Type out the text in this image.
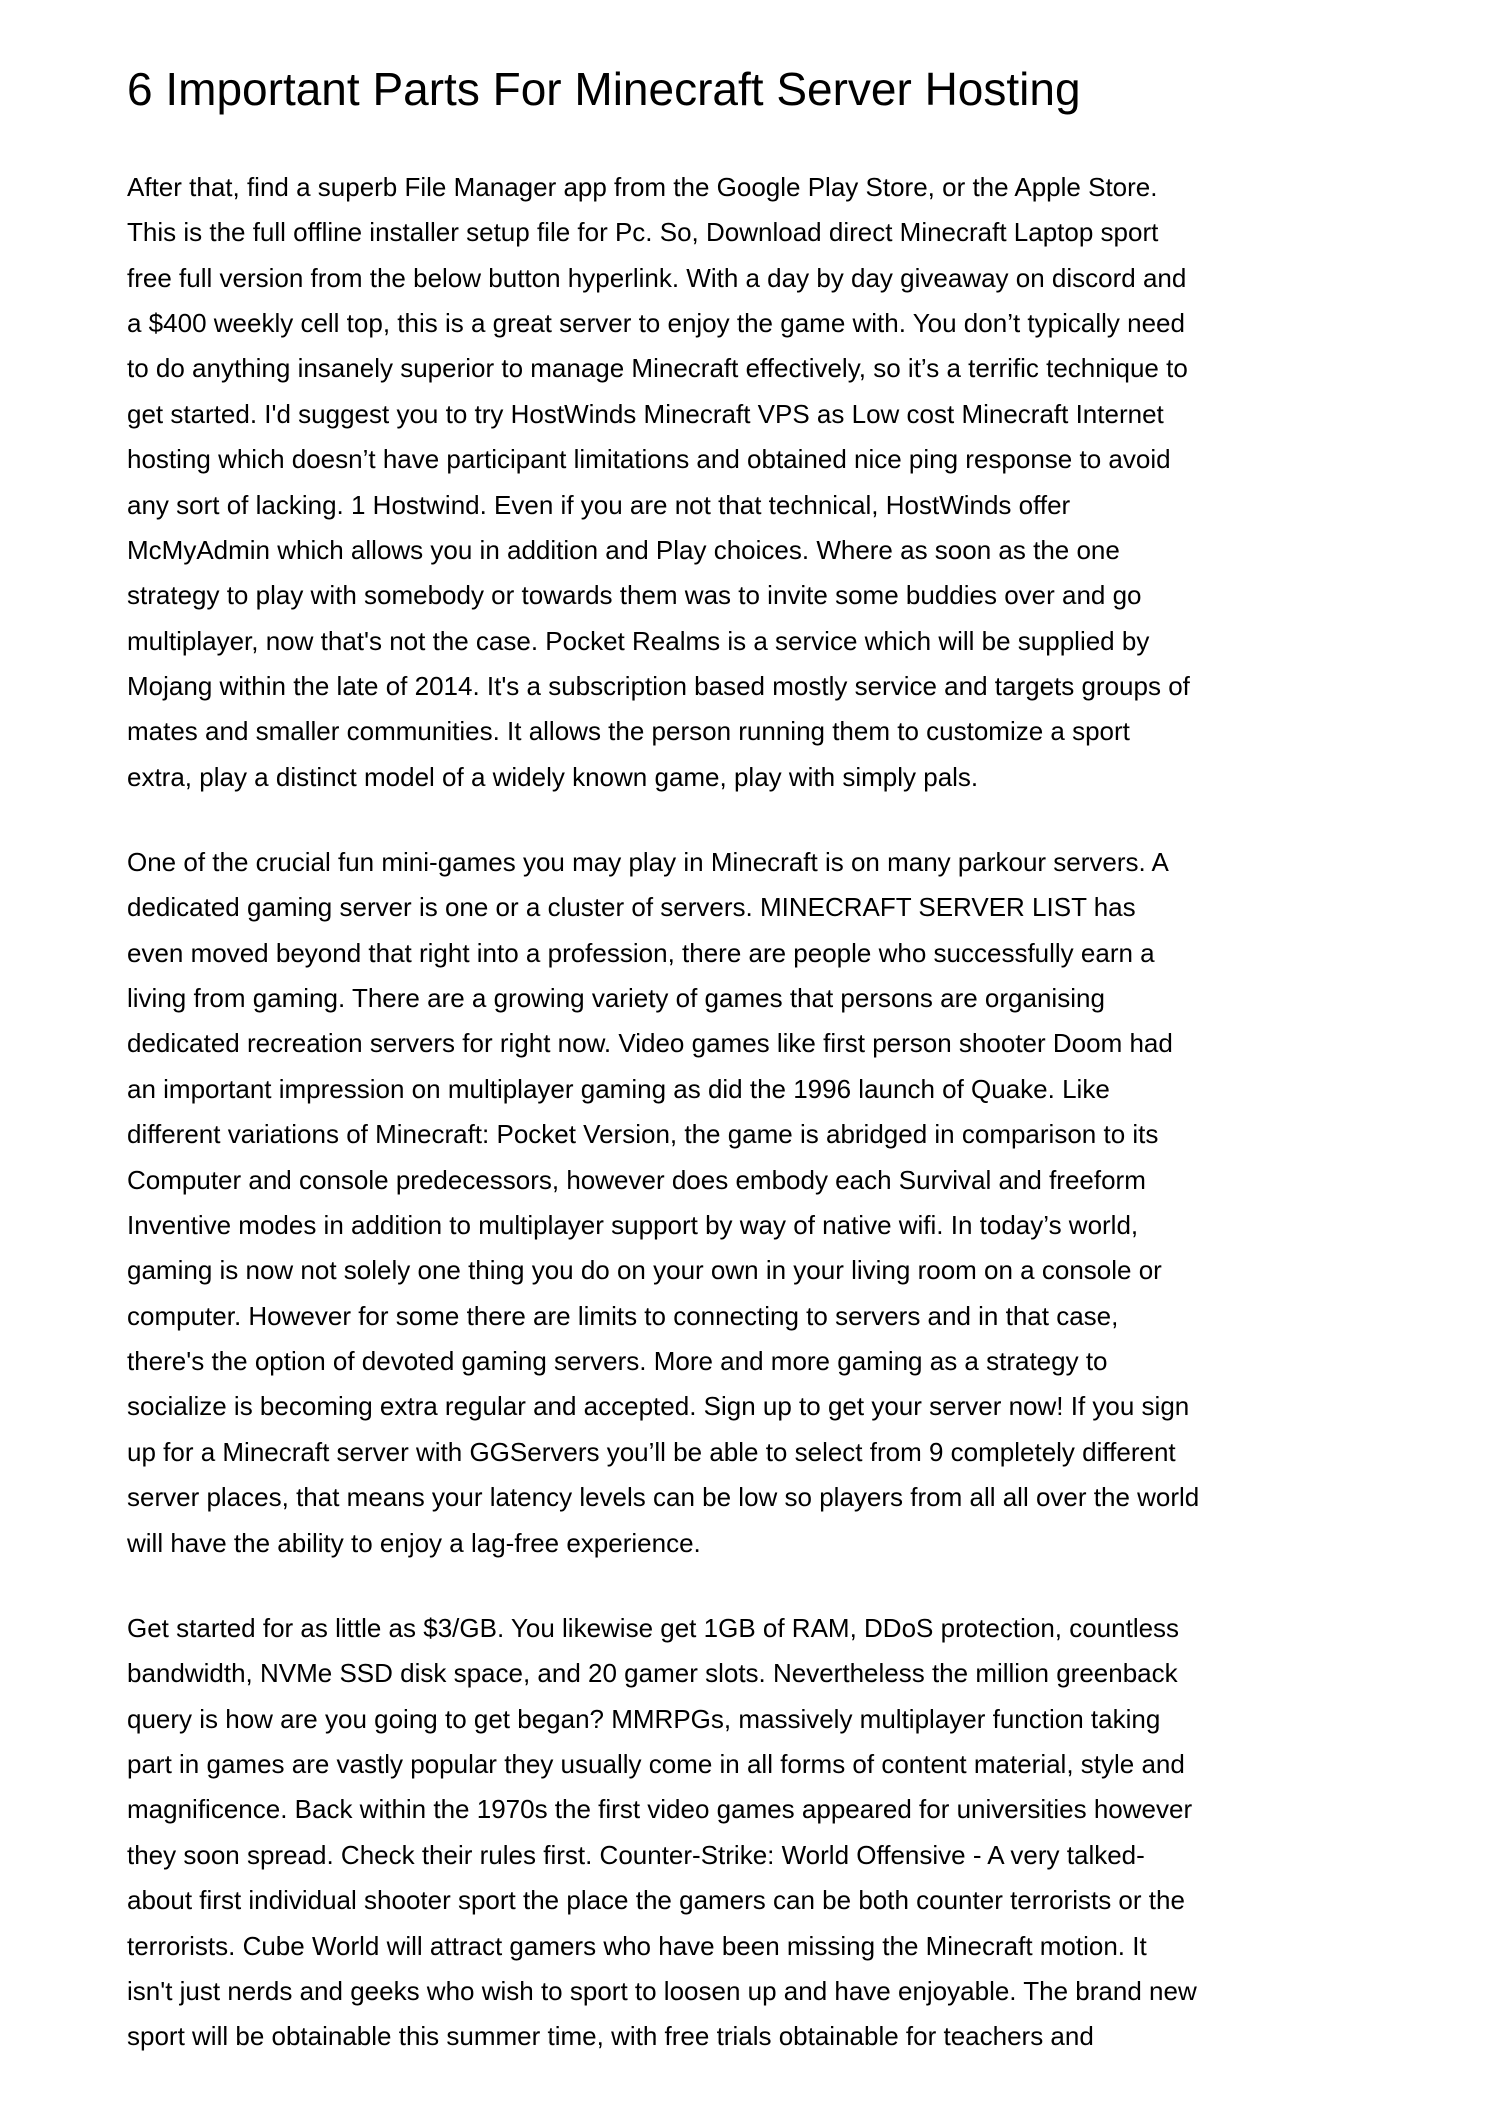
6 Important Parts For Minecraft Server Hosting

After that, find a superb File Manager app from the Google Play Store, or the Apple Store.
This is the full offline installer setup file for Pc. So, Download direct Minecraft Laptop sport
free full version from the below button hyperlink. With a day by day giveaway on discord and
a $400 weekly cell top, this is a great server to enjoy the game with. You don’t typically need
to do anything insanely superior to manage Minecraft effectively, so it’s a terrific technique to
get started. I'd suggest you to try HostWinds Minecraft VPS as Low cost Minecraft Internet
hosting which doesn’t have participant limitations and obtained nice ping response to avoid
any sort of lacking. 1 Hostwind. Even if you are not that technical, HostWinds offer
McMyAdmin which allows you in addition and Play choices. Where as soon as the one
strategy to play with somebody or towards them was to invite some buddies over and go
multiplayer, now that's not the case. Pocket Realms is a service which will be supplied by
Mojang within the late of 2014. It's a subscription based mostly service and targets groups of
mates and smaller communities. It allows the person running them to customize a sport
extra, play a distinct model of a widely known game, play with simply pals.

One of the crucial fun mini-games you may play in Minecraft is on many parkour servers. A
dedicated gaming server is one or a cluster of servers. MINECRAFT SERVER LIST has
even moved beyond that right into a profession, there are people who successfully earn a
living from gaming. There are a growing variety of games that persons are organising
dedicated recreation servers for right now. Video games like first person shooter Doom had
an important impression on multiplayer gaming as did the 1996 launch of Quake. Like
different variations of Minecraft: Pocket Version, the game is abridged in comparison to its
Computer and console predecessors, however does embody each Survival and freeform
Inventive modes in addition to multiplayer support by way of native wifi. In today’s world,
gaming is now not solely one thing you do on your own in your living room on a console or
computer. However for some there are limits to connecting to servers and in that case,
there's the option of devoted gaming servers. More and more gaming as a strategy to
socialize is becoming extra regular and accepted. Sign up to get your server now! If you sign
up for a Minecraft server with GGServers you’ll be able to select from 9 completely different
server places, that means your latency levels can be low so players from all all over the world
will have the ability to enjoy a lag-free experience.

Get started for as little as $3/GB. You likewise get 1GB of RAM, DDoS protection, countless
bandwidth, NVMe SSD disk space, and 20 gamer slots. Nevertheless the million greenback
query is how are you going to get began? MMRPGs, massively multiplayer function taking
part in games are vastly popular they usually come in all forms of content material, style and
magnificence. Back within the 1970s the first video games appeared for universities however
they soon spread. Check their rules first. Counter-Strike: World Offensive - A very talked-
about first individual shooter sport the place the gamers can be both counter terrorists or the
terrorists. Cube World will attract gamers who have been missing the Minecraft motion. It
isn't just nerds and geeks who wish to sport to loosen up and have enjoyable. The brand new
sport will be obtainable this summer time, with free trials obtainable for teachers and
